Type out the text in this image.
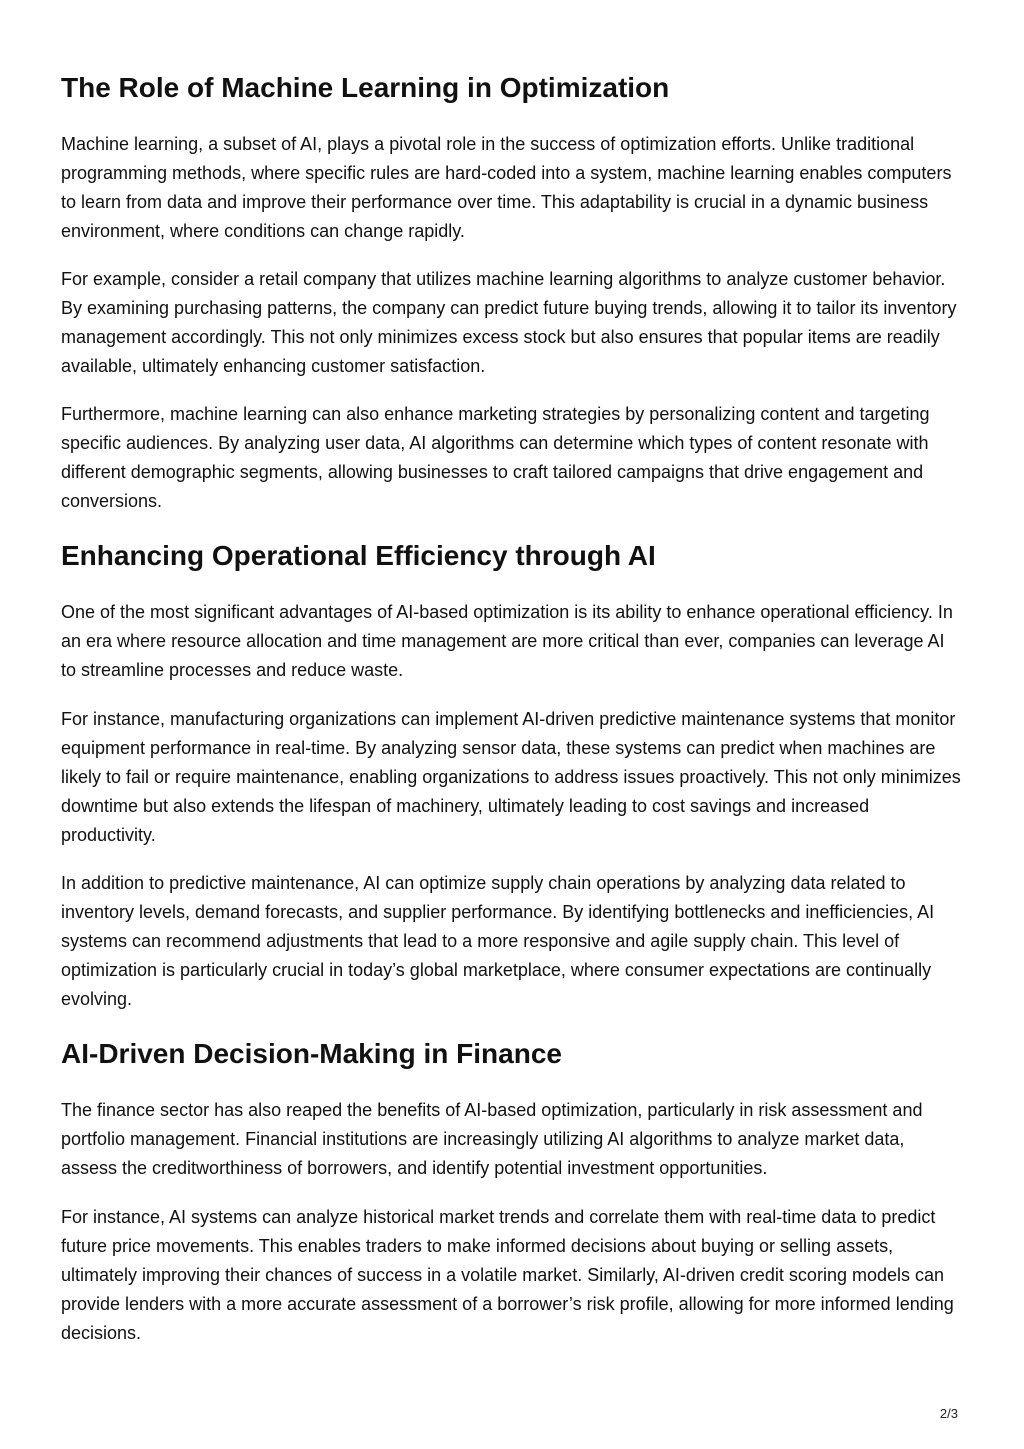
The Role of Machine Learning in Optimization

Machine learning, a subset of AI, plays a pivotal role in the success of optimization efforts. Unlike traditional programming methods, where specific rules are hard-coded into a system, machine learning enables computers to learn from data and improve their performance over time. This adaptability is crucial in a dynamic business environment, where conditions can change rapidly.

For example, consider a retail company that utilizes machine learning algorithms to analyze customer behavior. By examining purchasing patterns, the company can predict future buying trends, allowing it to tailor its inventory management accordingly. This not only minimizes excess stock but also ensures that popular items are readily available, ultimately enhancing customer satisfaction.

Furthermore, machine learning can also enhance marketing strategies by personalizing content and targeting specific audiences. By analyzing user data, AI algorithms can determine which types of content resonate with different demographic segments, allowing businesses to craft tailored campaigns that drive engagement and conversions.

Enhancing Operational Efficiency through AI

One of the most significant advantages of AI-based optimization is its ability to enhance operational efficiency. In an era where resource allocation and time management are more critical than ever, companies can leverage AI to streamline processes and reduce waste.

For instance, manufacturing organizations can implement AI-driven predictive maintenance systems that monitor equipment performance in real-time. By analyzing sensor data, these systems can predict when machines are likely to fail or require maintenance, enabling organizations to address issues proactively. This not only minimizes downtime but also extends the lifespan of machinery, ultimately leading to cost savings and increased productivity.

In addition to predictive maintenance, AI can optimize supply chain operations by analyzing data related to inventory levels, demand forecasts, and supplier performance. By identifying bottlenecks and inefficiencies, AI systems can recommend adjustments that lead to a more responsive and agile supply chain. This level of optimization is particularly crucial in today’s global marketplace, where consumer expectations are continually evolving.

AI-Driven Decision-Making in Finance

The finance sector has also reaped the benefits of AI-based optimization, particularly in risk assessment and portfolio management. Financial institutions are increasingly utilizing AI algorithms to analyze market data, assess the creditworthiness of borrowers, and identify potential investment opportunities.

For instance, AI systems can analyze historical market trends and correlate them with real-time data to predict future price movements. This enables traders to make informed decisions about buying or selling assets, ultimately improving their chances of success in a volatile market. Similarly, AI-driven credit scoring models can provide lenders with a more accurate assessment of a borrower’s risk profile, allowing for more informed lending decisions.

2/3
